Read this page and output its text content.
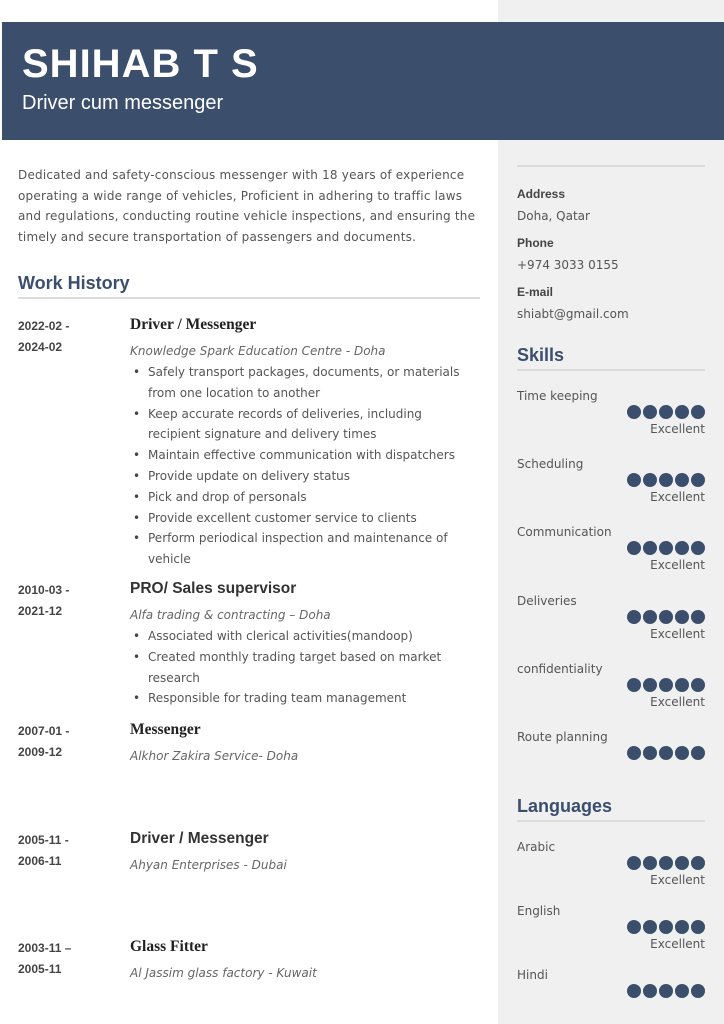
SHIHAB T S
Driver cum messenger

Dedicated and safety-conscious messenger with 18 years of experience operating a wide range of vehicles, Proficient in adhering to traffic laws and regulations, conducting routine vehicle inspections, and ensuring the timely and secure transportation of passengers and documents.

Work History
2022-02 -
2024-02
Driver / Messenger
Knowledge Spark Education Centre - Doha
• Safely transport packages, documents, or materials from one location to another
• Keep accurate records of deliveries, including recipient signature and delivery times
• Maintain effective communication with dispatchers
• Provide update on delivery status
• Pick and drop of personals
• Provide excellent customer service to clients
• Perform periodical inspection and maintenance of vehicle
2010-03 -
2021-12
PRO/ Sales supervisor
Alfa trading & contracting – Doha
• Associated with clerical activities(mandoop)
• Created monthly trading target based on market research
• Responsible for trading team management
2007-01 -
2009-12
Messenger
Alkhor Zakira Service- Doha
2005-11 -
2006-11
Driver / Messenger
Ahyan Enterprises - Dubai
2003-11 –
2005-11
Glass Fitter
Al Jassim glass factory - Kuwait
Address
Doha, Qatar
Phone
+974 3033 0155
E-mail
shiabt@gmail.com
Skills
Time keeping
Excellent
Scheduling
Excellent
Communication
Excellent
Deliveries
Excellent
confidentiality
Excellent
Route planning
Languages
Arabic
Excellent
English
Excellent
Hindi
